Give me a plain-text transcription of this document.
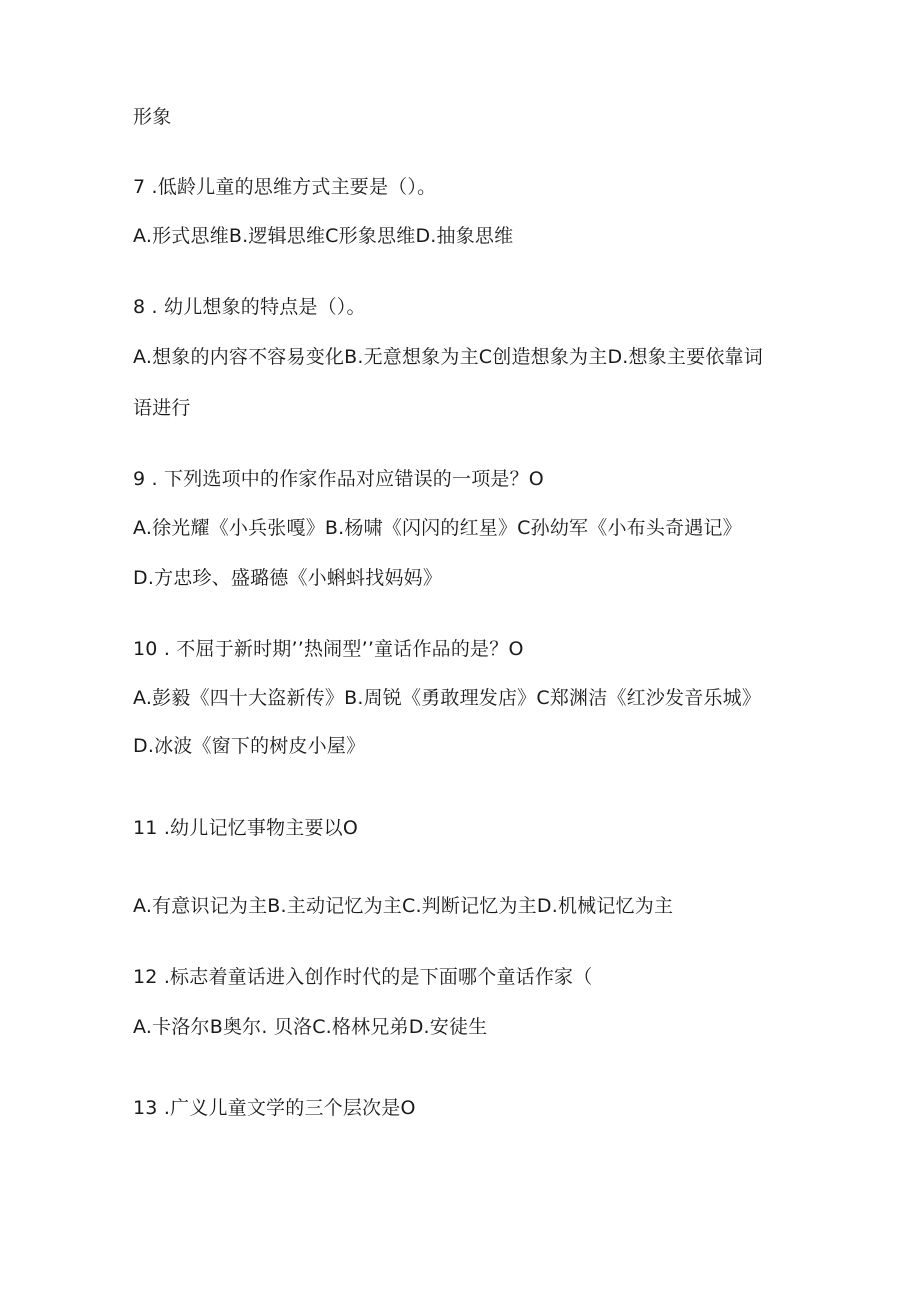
形象
7 .低龄儿童的思维方式主要是（）。
A.形式思维B.逻辑思维C形象思维D.抽象思维
8 . 幼儿想象的特点是（）。
A.想象的内容不容易变化B.无意想象为主C创造想象为主D.想象主要依靠词
语进行
9 . 下列选项中的作家作品对应错误的一项是？O
A.徐光耀《小兵张嘎》B.杨啸《闪闪的红星》C孙幼军《小布头奇遇记》
D.方忠珍、盛璐德《小蝌蚪找妈妈》
10 . 不屈于新时期’’热闹型’’童话作品的是？O
A.彭毅《四十大盗新传》B.周锐《勇敢理发店》C郑渊洁《红沙发音乐城》
D.冰波《窗下的树皮小屋》
11 .幼儿记忆事物主要以O
A.有意识记为主B.主动记忆为主C.判断记忆为主D.机械记忆为主
12 .标志着童话进入创作时代的是下面哪个童话作家（
A.卡洛尔B奥尔. 贝洛C.格林兄弟D.安徒生
13 .广义儿童文学的三个层次是O
